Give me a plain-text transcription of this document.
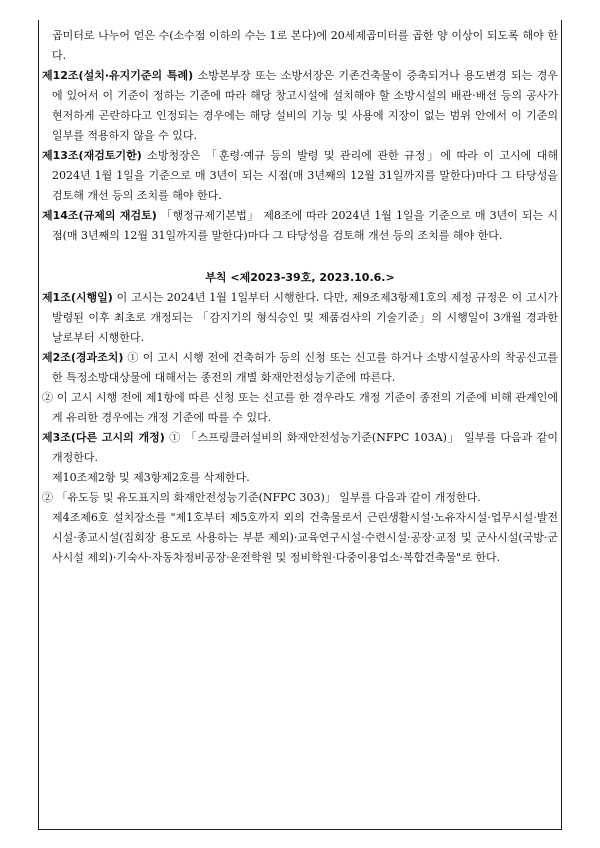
곱미터로 나누어 얻은 수(소수점 이하의 수는 1로 본다)에 20세제곱미터를 곱한 양 이상이 되도록 해야 한다.

제12조(설치·유지기준의 특례) 소방본부장 또는 소방서장은 기존건축물이 증축되거나 용도변경 되는 경우에 있어서 이 기준이 정하는 기준에 따라 해당 창고시설에 설치해야 할 소방시설의 배관·배선 등의 공사가 현저하게 곤란하다고 인정되는 경우에는 해당 설비의 기능 및 사용에 지장이 없는 범위 안에서 이 기준의 일부를 적용하지 않을 수 있다.

제13조(재검토기한) 소방청장은 「훈령·예규 등의 발령 및 관리에 관한 규정」에 따라 이 고시에 대해 2024년 1월 1일을 기준으로 매 3년이 되는 시점(매 3년째의 12월 31일까지를 말한다)마다 그 타당성을 검토해 개선 등의 조치를 해야 한다.

제14조(규제의 재검토) 「행정규제기본법」 제8조에 따라 2024년 1월 1일을 기준으로 매 3년이 되는 시점(매 3년째의 12월 31일까지를 말한다)마다 그 타당성을 검토해 개선 등의 조치를 해야 한다.

부칙 <제2023-39호, 2023.10.6.>

제1조(시행일) 이 고시는 2024년 1월 1일부터 시행한다. 다만, 제9조제3항제1호의 제정 규정은 이 고시가 발령된 이후 최초로 개정되는 「감지기의 형식승인 및 제품검사의 기술기준」의 시행일이 3개월 경과한 날로부터 시행한다.

제2조(경과조치) ① 이 고시 시행 전에 건축허가 등의 신청 또는 신고를 하거나 소방시설공사의 착공신고를 한 특정소방대상물에 대해서는 종전의 개별 화재안전성능기준에 따른다.

② 이 고시 시행 전에 제1항에 따른 신청 또는 신고를 한 경우라도 개정 기준이 종전의 기준에 비해 관계인에게 유리한 경우에는 개정 기준에 따를 수 있다.

제3조(다른 고시의 개정) ① 「스프링클러설비의 화재안전성능기준(NFPC 103A)」 일부를 다음과 같이 개정한다.

제10조제2항 및 제3항제2호를 삭제한다.

② 「유도등 및 유도표지의 화재안전성능기준(NFPC 303)」 일부를 다음과 같이 개정한다.

제4조제6호 설치장소를 "제1호부터 제5호까지 외의 건축물로서 근린생활시설·노유자시설·업무시설·발전시설·종교시설(집회장 용도로 사용하는 부분 제외)·교육연구시설·수련시설·공장·교정 및 군사시설(국방·군사시설 제외)·기숙사·자동차정비공장·운전학원 및 정비학원·다중이용업소·복합건축물"로 한다.
